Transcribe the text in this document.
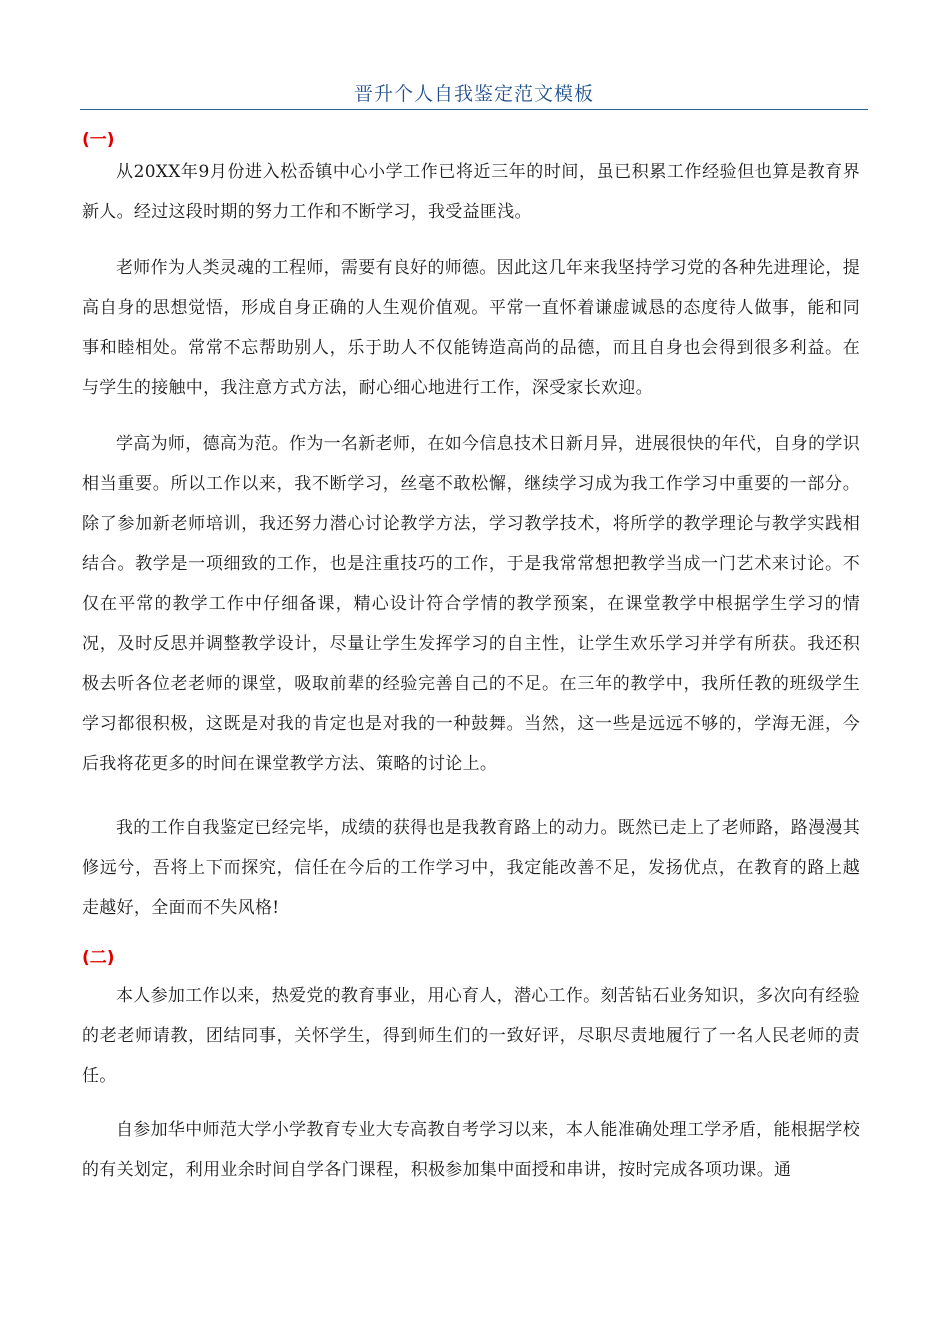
晋升个人自我鉴定范文模板
(一)

从20XX年9月份进入松岙镇中心小学工作已将近三年的时间，虽已积累工作经验但也算是教育界新人。经过这段时期的努力工作和不断学习，我受益匪浅。

老师作为人类灵魂的工程师，需要有良好的师德。因此这几年来我坚持学习党的各种先进理论，提高自身的思想觉悟，形成自身正确的人生观价值观。平常一直怀着谦虚诚恳的态度待人做事，能和同事和睦相处。常常不忘帮助别人，乐于助人不仅能铸造高尚的品德，而且自身也会得到很多利益。在与学生的接触中，我注意方式方法，耐心细心地进行工作，深受家长欢迎。

学高为师，德高为范。作为一名新老师，在如今信息技术日新月异，进展很快的年代，自身的学识相当重要。所以工作以来，我不断学习，丝毫不敢松懈，继续学习成为我工作学习中重要的一部分。除了参加新老师培训，我还努力潜心讨论教学方法，学习教学技术，将所学的教学理论与教学实践相结合。教学是一项细致的工作，也是注重技巧的工作，于是我常常想把教学当成一门艺术来讨论。不仅在平常的教学工作中仔细备课，精心设计符合学情的教学预案，在课堂教学中根据学生学习的情况，及时反思并调整教学设计，尽量让学生发挥学习的自主性，让学生欢乐学习并学有所获。我还积极去听各位老老师的课堂，吸取前辈的经验完善自己的不足。在三年的教学中，我所任教的班级学生学习都很积极，这既是对我的肯定也是对我的一种鼓舞。当然，这一些是远远不够的，学海无涯，今后我将花更多的时间在课堂教学方法、策略的讨论上。

我的工作自我鉴定已经完毕，成绩的获得也是我教育路上的动力。既然已走上了老师路，路漫漫其修远兮，吾将上下而探究，信任在今后的工作学习中，我定能改善不足，发扬优点，在教育的路上越走越好，全面而不失风格!

(二)

本人参加工作以来，热爱党的教育事业，用心育人，潜心工作。刻苦钻石业务知识，多次向有经验的老老师请教，团结同事，关怀学生，得到师生们的一致好评，尽职尽责地履行了一名人民老师的责任。

自参加华中师范大学小学教育专业大专高教自考学习以来，本人能准确处理工学矛盾，能根据学校的有关划定，利用业余时间自学各门课程，积极参加集中面授和串讲，按时完成各项功课。通
